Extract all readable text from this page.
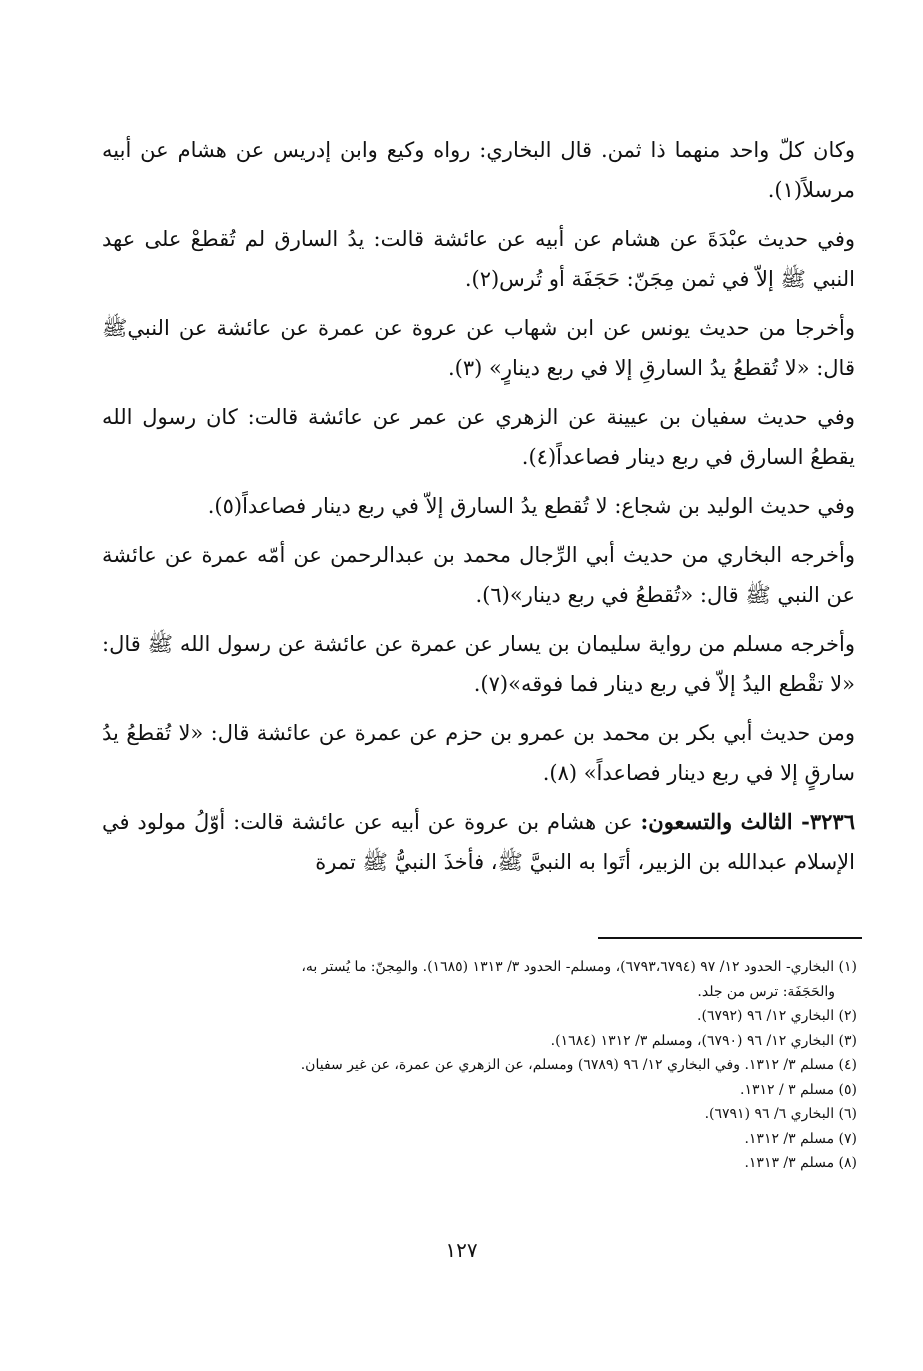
وكان كلّ واحد منهما ذا ثمن. قال البخاري: رواه وكيع وابن إدريس عن هشام عن أبيه مرسلاً(١).

وفي حديث عبْدَةَ عن هشام عن أبيه عن عائشة قالت: يدُ السارق لم تُقطعْ على عهد النبي ﷺ إلاّ في ثمن مِجَنّ: حَجَفَة أو تُرس(٢).

وأخرجا من حديث يونس عن ابن شهاب عن عروة عن عمرة عن عائشة عن النبيﷺ قال: «لا تُقطعُ يدُ السارقِ إلا في ربع دينارٍ» (٣).

وفي حديث سفيان بن عيينة عن الزهري عن عمر عن عائشة قالت: كان رسول الله يقطعُ السارق في ربع دينار فصاعداً(٤).

وفي حديث الوليد بن شجاع: لا تُقطع يدُ السارق إلاّ في ربع دينار فصاعداً(٥).

وأخرجه البخاري من حديث أبي الرِّجال محمد بن عبدالرحمن عن أمّه عمرة عن عائشة عن النبي ﷺ قال: «تُقطعُ في ربع دينار»(٦).

وأخرجه مسلم من رواية سليمان بن يسار عن عمرة عن عائشة عن رسول الله ﷺ قال: «لا تقْطع اليدُ إلاّ في ربع دينار فما فوقه»(٧).

ومن حديث أبي بكر بن محمد بن عمرو بن حزم عن عمرة عن عائشة قال: «لا تُقطعُ يدُ سارقٍ إلا في ربع دينار فصاعداً» (٨).

٣٢٣٦- الثالث والتسعون: عن هشام بن عروة عن أبيه عن عائشة قالت: أوّلُ مولود في الإسلام عبدالله بن الزبير، أتَوا به النبيَّ ﷺ، فأخذَ النبيُّ ﷺ تمرة

(١) البخاري- الحدود ١٢/ ٩٧ (٦٧٩٣،٦٧٩٤)، ومسلم- الحدود ٣/ ١٣١٣ (١٦٨٥). والمِجنّ: ما يُستر به،
والحَجَفَة: ترس من جلد.
(٢) البخاري ١٢/ ٩٦ (٦٧٩٢).
(٣) البخاري ١٢/ ٩٦ (٦٧٩٠)، ومسلم ٣/ ١٣١٢ (١٦٨٤).
(٤) مسلم ٣/ ١٣١٢. وفي البخاري ١٢/ ٩٦ (٦٧٨٩) ومسلم، عن الزهري عن عمرة، عن غير سفيان.
(٥) مسلم ٣ / ١٣١٢.
(٦) البخاري ٦/ ٩٦ (٦٧٩١).
(٧) مسلم ٣/ ١٣١٢.
(٨) مسلم ٣/ ١٣١٣.
١٢٧
